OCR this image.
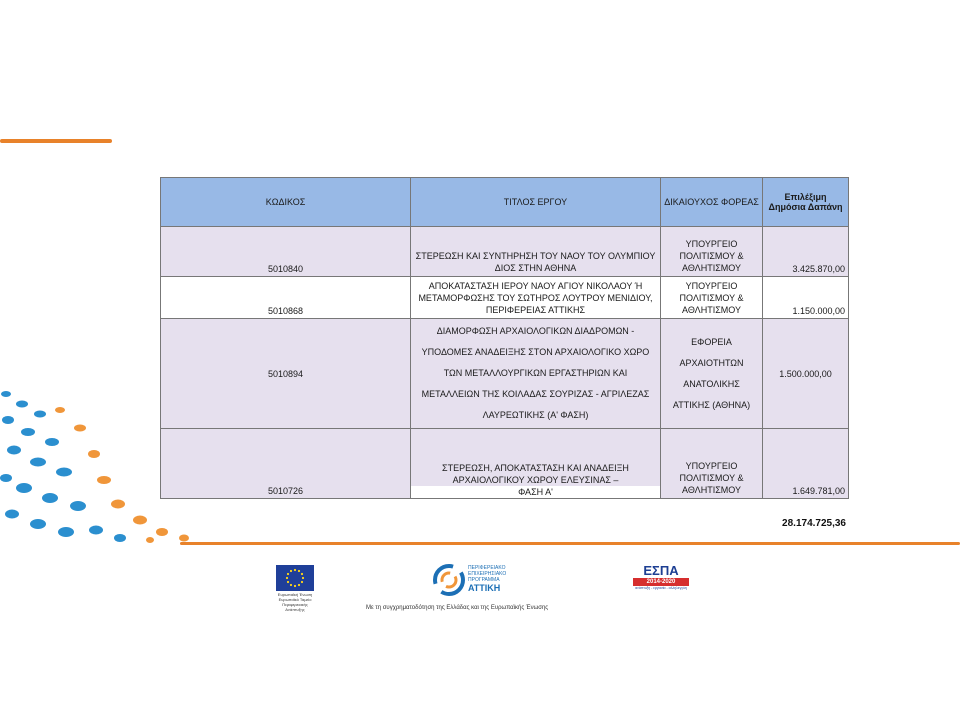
ΚΩΔΙΚΟΣ	ΤΙΤΛΟΣ ΕΡΓΟΥ	ΔΙΚΑΙΟΥΧΟΣ ΦΟΡΕΑΣ	Επιλέξιμη
Δημόσια Δαπάνη
5010840	ΣΤΕΡΕΩΣΗ ΚΑΙ ΣΥΝΤΗΡΗΣΗ ΤΟΥ ΝΑΟΥ ΤΟΥ ΟΛΥΜΠΙΟΥ
ΔΙΟΣ ΣΤΗΝ ΑΘΗΝΑ	ΥΠΟΥΡΓΕΙΟ
ΠΟΛΙΤΙΣΜΟΥ &
ΑΘΛΗΤΙΣΜΟΥ	3.425.870,00
5010868	ΑΠΟΚΑΤΑΣΤΑΣΗ ΙΕΡΟΥ ΝΑΟΥ ΑΓΙΟΥ ΝΙΚΟΛΑΟΥ Ή
ΜΕΤΑΜΟΡΦΩΣΗΣ ΤΟΥ ΣΩΤΗΡΟΣ ΛΟΥΤΡΟΥ ΜΕΝΙΔΙΟΥ,
ΠΕΡΙΦΕΡΕΙΑΣ ΑΤΤΙΚΗΣ	ΥΠΟΥΡΓΕΙΟ
ΠΟΛΙΤΙΣΜΟΥ &
ΑΘΛΗΤΙΣΜΟΥ	1.150.000,00
5010894	ΔΙΑΜΟΡΦΩΣΗ ΑΡΧΑΙΟΛΟΓΙΚΩΝ ΔΙΑΔΡΟΜΩΝ -
ΥΠΟΔΟΜΕΣ ΑΝΑΔΕΙΞΗΣ ΣΤΟΝ ΑΡΧΑΙΟΛΟΓΙΚΟ ΧΩΡΟ
ΤΩΝ ΜΕΤΑΛΛΟΥΡΓΙΚΩΝ ΕΡΓΑΣΤΗΡΙΩΝ ΚΑΙ
ΜΕΤΑΛΛΕΙΩΝ ΤΗΣ ΚΟΙΛΑΔΑΣ ΣΟΥΡΙΖΑΣ - ΑΓΡΙΛΕΖΑΣ
ΛΑΥΡΕΩΤΙΚΗΣ (Α' ΦΑΣΗ)	ΕΦΟΡΕΙΑ
ΑΡΧΑΙΟΤΗΤΩΝ
ΑΝΑΤΟΛΙΚΗΣ
ΑΤΤΙΚΗΣ (ΑΘΗΝΑ)	1.500.000,00
5010726	ΣΤΕΡΕΩΣΗ, ΑΠΟΚΑΤΑΣΤΑΣΗ ΚΑΙ ΑΝΑΔΕΙΞΗ
ΑΡΧΑΙΟΛΟΓΙΚΟΥ ΧΩΡΟΥ ΕΛΕΥΣΙΝΑΣ –
ΦΑΣΗ Α'	ΥΠΟΥΡΓΕΙΟ
ΠΟΛΙΤΙΣΜΟΥ &
ΑΘΛΗΤΙΣΜΟΥ	1.649.781,00
28.174.725,36
Ευρωπαϊκή Ένωση
Ευρωπαϊκό Ταμείο
Περιφερειακής Ανάπτυξης
ΠΕΡΙΦΕΡΕΙΑΚΟ
ΕΠΙΧΕΙΡΗΣΙΑΚΟ
ΠΡΟΓΡΑΜΜΑ
ΑΤΤΙΚΗ
ΕΣΠΑ
2014-2020
ανάπτυξη - εργασία - αλληλεγγύη
Με τη συγχρηματοδότηση της Ελλάδας και της Ευρωπαϊκής Ένωσης
